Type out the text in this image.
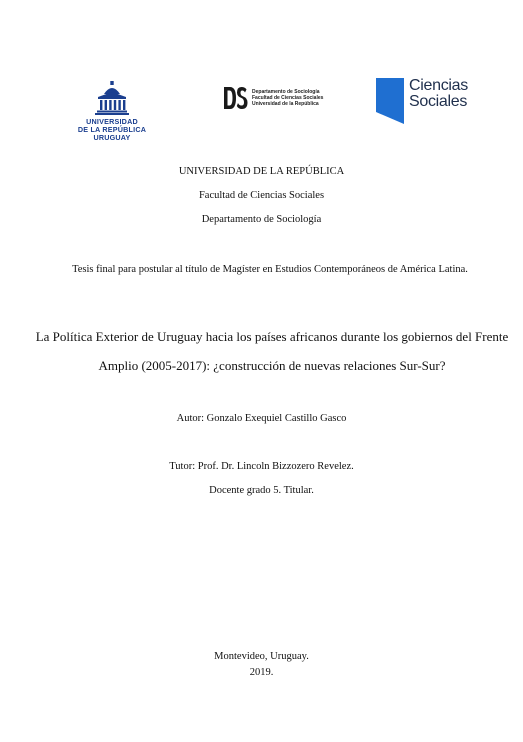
UNIVERSIDAD
DE LA REPÚBLICA
URUGUAY
Departamento de Sociología
Facultad de Ciencias Sociales
Universidad de la República
Ciencias
Sociales
UNIVERSIDAD DE LA REPÚBLICA
Facultad de Ciencias Sociales
Departamento de Sociología
Tesis final para postular al título de Magíster en Estudios Contemporáneos de América Latina.
La Política Exterior de Uruguay hacia los países africanos durante los gobiernos del Frente Amplio (2005-2017): ¿construcción de nuevas relaciones Sur-Sur?
Autor: Gonzalo Exequiel Castillo Gasco
Tutor: Prof. Dr. Lincoln Bizzozero Revelez.
Docente grado 5. Titular.
Montevideo, Uruguay.
2019.
